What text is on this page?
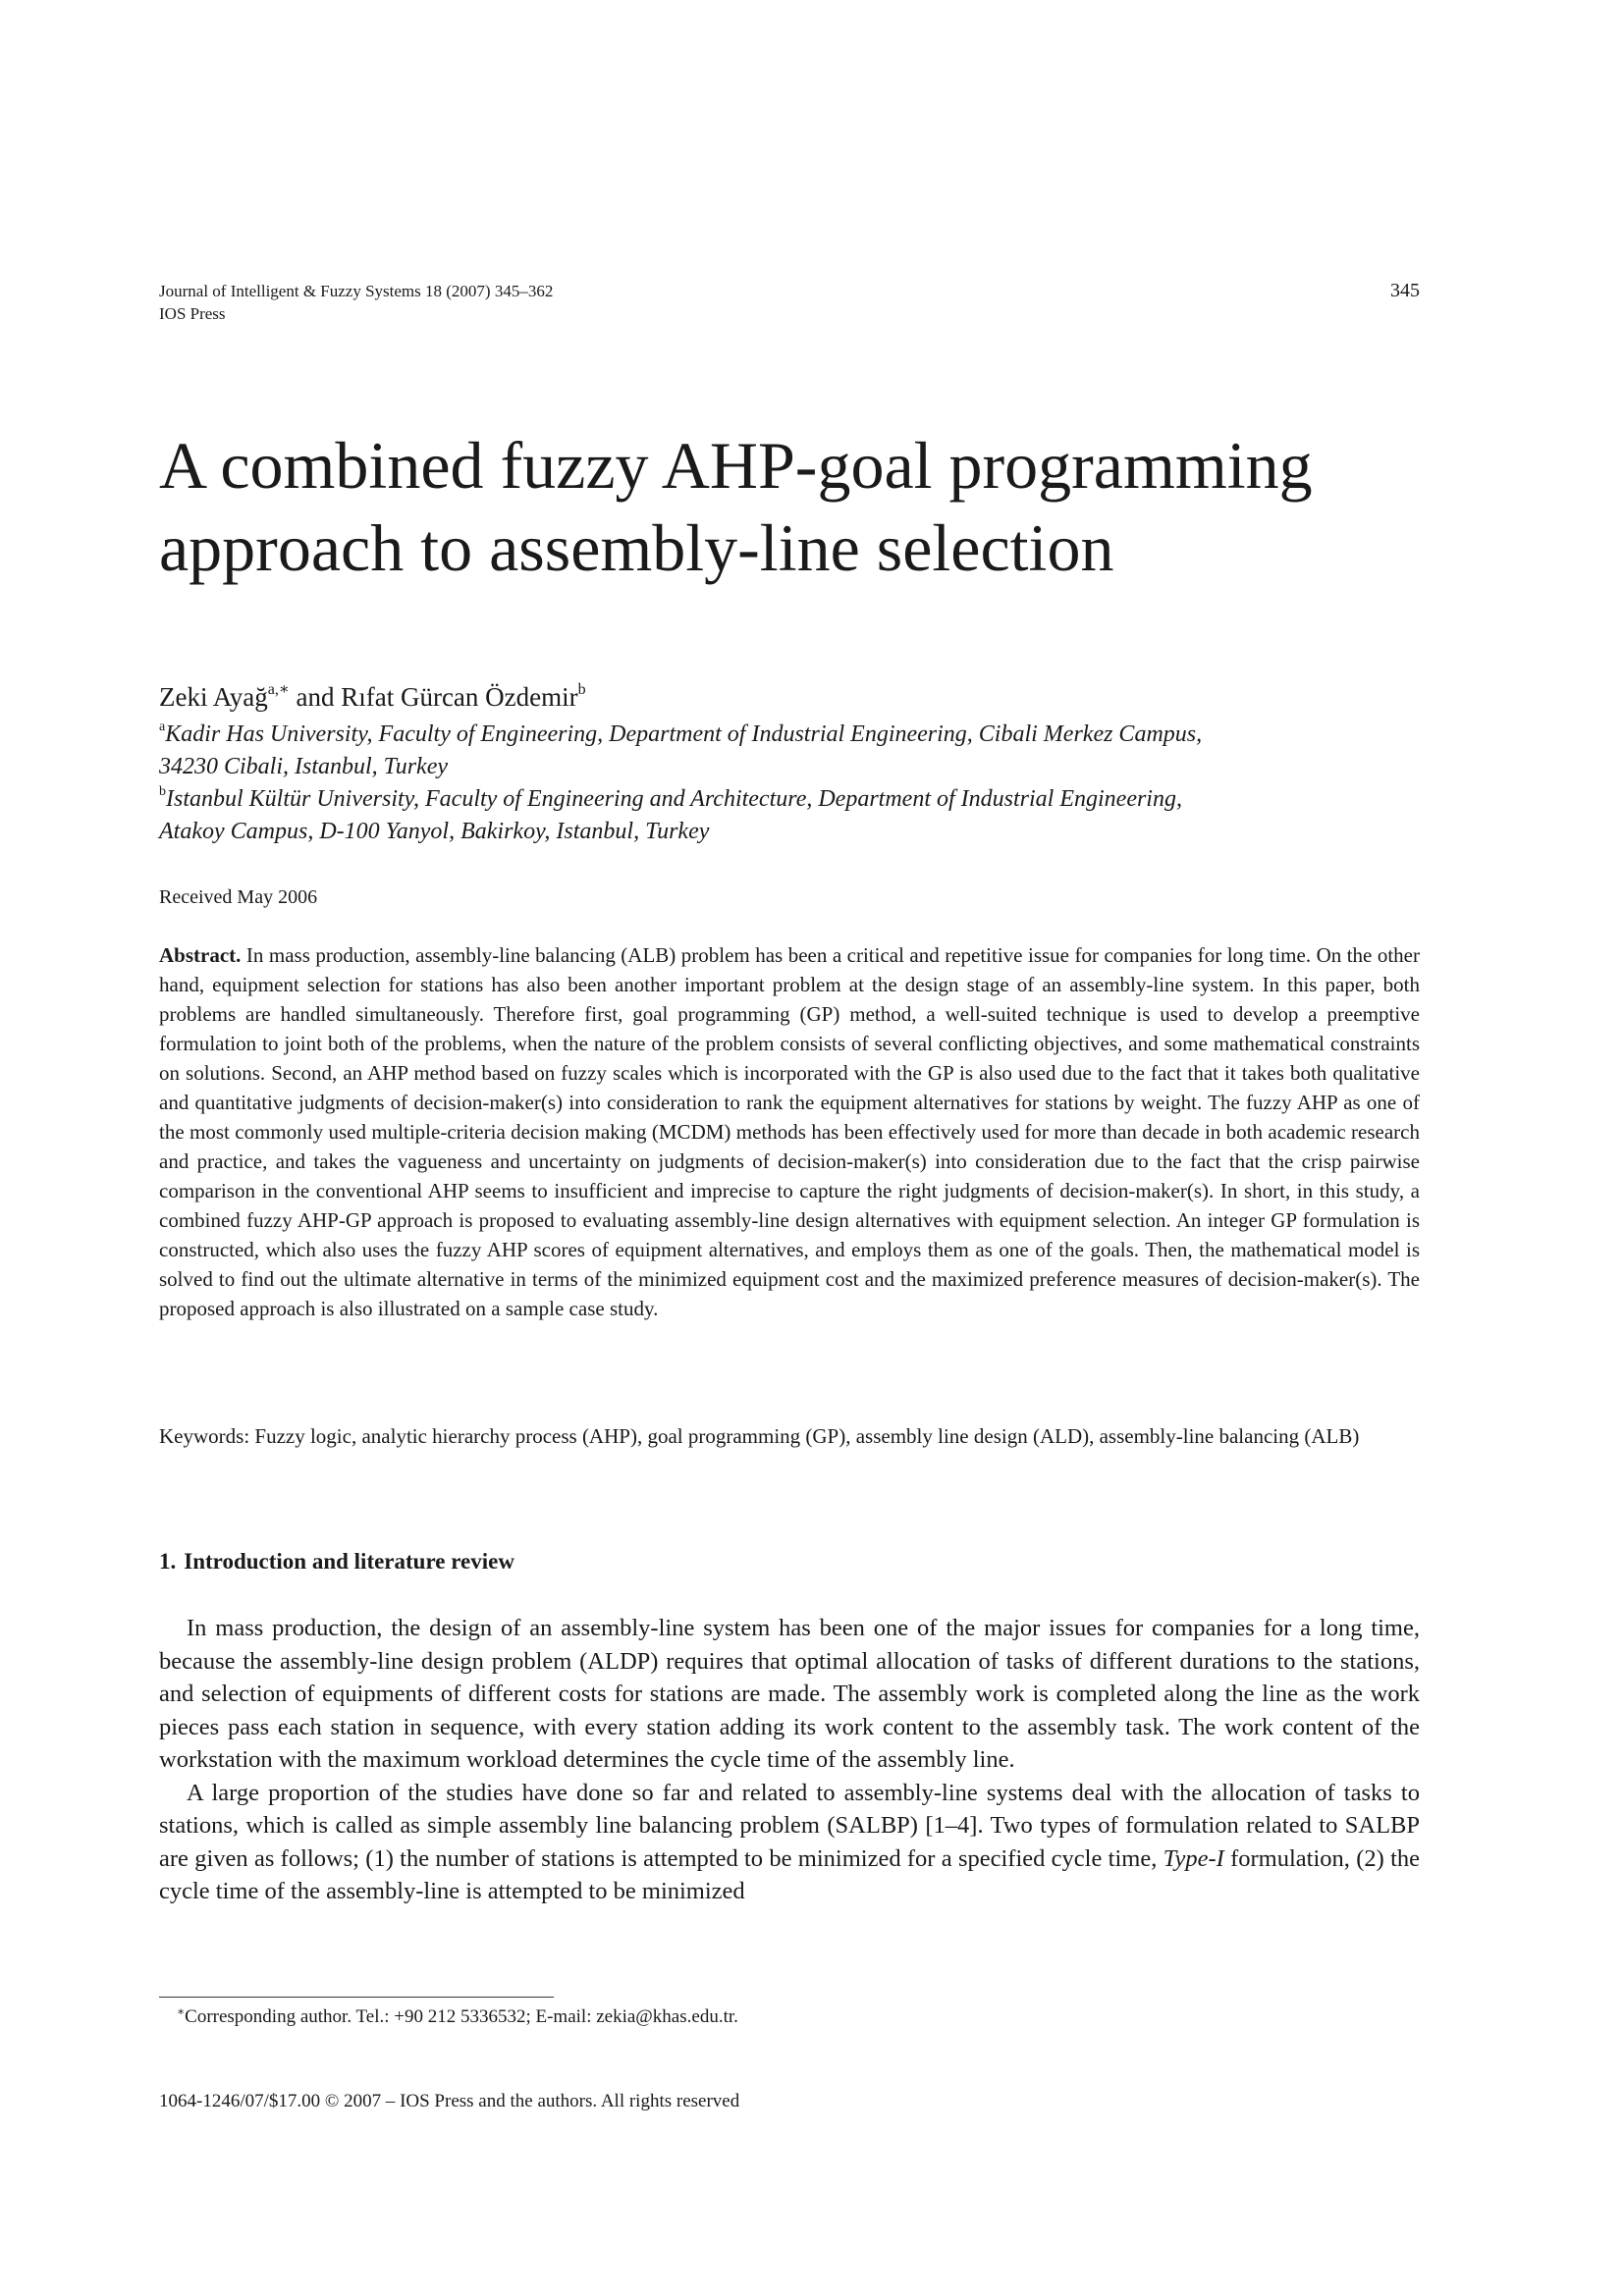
Journal of Intelligent & Fuzzy Systems 18 (2007) 345–362
IOS Press
345
A combined fuzzy AHP-goal programming
approach to assembly-line selection
Zeki Ayağ$^{a,∗}$ and Rıfat Gürcan Özdemir$^b$

$^a$Kadir Has University, Faculty of Engineering, Department of Industrial Engineering, Cibali Merkez Campus,
34230 Cibali, Istanbul, Turkey

$^b$Istanbul Kültür University, Faculty of Engineering and Architecture, Department of Industrial Engineering,
Atakoy Campus, D-100 Yanyol, Bakirkoy, Istanbul, Turkey

Received May 2006

Abstract. In mass production, assembly-line balancing (ALB) problem has been a critical and repetitive issue for companies for long time. On the other hand, equipment selection for stations has also been another important problem at the design stage of an assembly-line system. In this paper, both problems are handled simultaneously. Therefore first, goal programming (GP) method, a well-suited technique is used to develop a preemptive formulation to joint both of the problems, when the nature of the problem consists of several conflicting objectives, and some mathematical constraints on solutions. Second, an AHP method based on fuzzy scales which is incorporated with the GP is also used due to the fact that it takes both qualitative and quantitative judgments of decision-maker(s) into consideration to rank the equipment alternatives for stations by weight. The fuzzy AHP as one of the most commonly used multiple-criteria decision making (MCDM) methods has been effectively used for more than decade in both academic research and practice, and takes the vagueness and uncertainty on judgments of decision-maker(s) into consideration due to the fact that the crisp pairwise comparison in the conventional AHP seems to insufficient and imprecise to capture the right judgments of decision-maker(s). In short, in this study, a combined fuzzy AHP-GP approach is proposed to evaluating assembly-line design alternatives with equipment selection. An integer GP formulation is constructed, which also uses the fuzzy AHP scores of equipment alternatives, and employs them as one of the goals. Then, the mathematical model is solved to find out the ultimate alternative in terms of the minimized equipment cost and the maximized preference measures of decision-maker(s). The proposed approach is also illustrated on a sample case study.

Keywords: Fuzzy logic, analytic hierarchy process (AHP), goal programming (GP), assembly line design (ALD), assembly-line balancing (ALB)

1. Introduction and literature review

In mass production, the design of an assembly-line system has been one of the major issues for companies for a long time, because the assembly-line design problem (ALDP) requires that optimal allocation of tasks of different durations to the stations, and selection of equipments of different costs for stations are made. The assembly work is completed along the line as the work pieces pass each station in sequence, with every station adding its work content to the assembly task. The work content of the workstation with the maximum workload determines the cycle time of the assembly line.

A large proportion of the studies have done so far and related to assembly-line systems deal with the allocation of tasks to stations, which is called as simple assembly line balancing problem (SALBP) [1–4]. Two types of formulation related to SALBP are given as follows; (1) the number of stations is attempted to be minimized for a specified cycle time, Type-I formulation, (2) the cycle time of the assembly-line is attempted to be minimized

∗Corresponding author. Tel.: +90 212 5336532; E-mail: zekia@khas.edu.tr.
1064-1246/07/$17.00 © 2007 – IOS Press and the authors. All rights reserved
